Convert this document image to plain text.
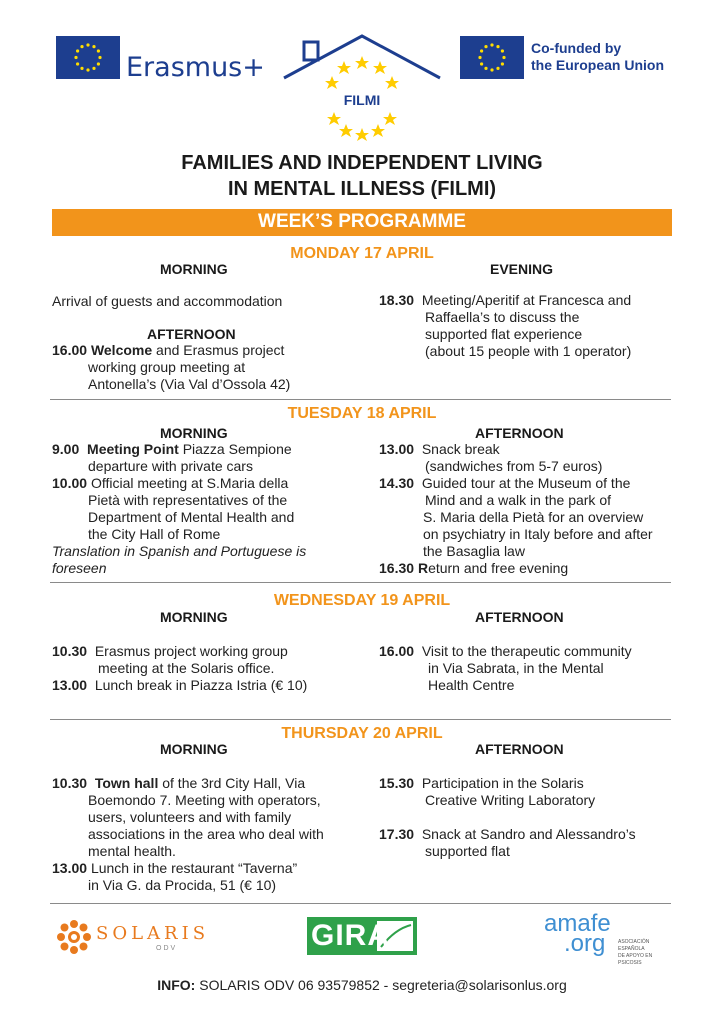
Erasmus+
FILMI
Co-funded by
the European Union
FAMILIES AND INDEPENDENT LIVING
IN MENTAL ILLNESS (FILMI)
WEEK’S PROGRAMME
MONDAY 17 APRIL
MORNING	EVENING
Arrival of guests and accommodation
AFTERNOON
16.00 Welcome and Erasmus project
working group meeting at
Antonella’s (Via Val d’Ossola 42)
18.30 Meeting/Aperitif at Francesca and
Raffaella’s to discuss the
supported flat experience
(about 15 people with 1 operator)
TUESDAY 18 APRIL
MORNING	AFTERNOON
9.00 Meeting Point Piazza Sempione
departure with private cars
10.00 Official meeting at S.Maria della
Pietà with representatives of the
Department of Mental Health and
the City Hall of Rome
Translation in Spanish and Portuguese is
foreseen
13.00 Snack break
(sandwiches from 5-7 euros)
14.30 Guided tour at the Museum of the
Mind and a walk in the park of
S. Maria della Pietà for an overview
on psychiatry in Italy before and after
the Basaglia law
16.30 Return and free evening
WEDNESDAY 19 APRIL
MORNING	AFTERNOON
10.30 Erasmus project working group
meeting at the Solaris office.
13.00 Lunch break in Piazza Istria (€ 10)
16.00 Visit to the therapeutic community
in Via Sabrata, in the Mental
Health Centre
THURSDAY 20 APRIL
MORNING	AFTERNOON
10.30 Town hall of the 3rd City Hall, Via
Boemondo 7. Meeting with operators,
users, volunteers and with family
associations in the area who deal with
mental health.
13.00 Lunch in the restaurant “Taverna”
in Via G. da Procida, 51 (€ 10)
15.30 Participation in the Solaris
Creative Writing Laboratory
17.30 Snack at Sandro and Alessandro’s
supported flat
SOLARIS
ODV	GIRA	amafe
.org	ASOCIACIÓN ESPAÑOLA
DE APOYO EN PSICOSIS
INFO: SOLARIS ODV 06 93579852 - segreteria@solarisonlus.org
